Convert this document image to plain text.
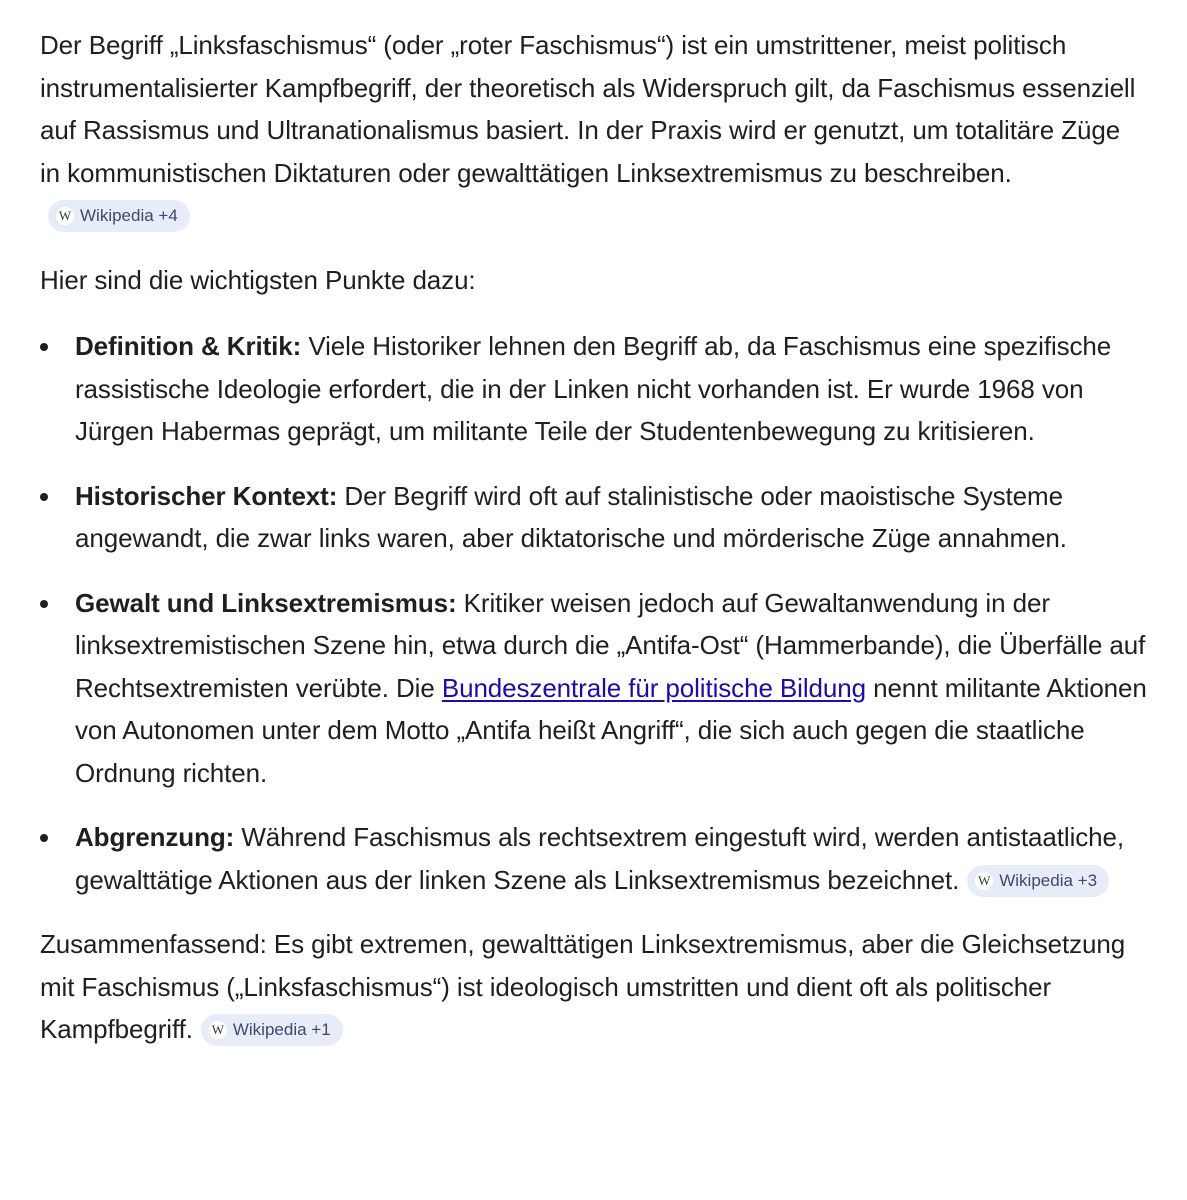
Der Begriff „Linksfaschismus“ (oder „roter Faschismus“) ist ein umstrittener, meist politisch instrumentalisierter Kampfbegriff, der theoretisch als Widerspruch gilt, da Faschismus essenziell auf Rassismus und Ultranationalismus basiert. In der Praxis wird er genutzt, um totalitäre Züge in kommunistischen Diktaturen oder gewalttätigen Linksextremismus zu beschreiben.
W Wikipedia +4

Hier sind die wichtigsten Punkte dazu:

Definition & Kritik: Viele Historiker lehnen den Begriff ab, da Faschismus eine spezifische rassistische Ideologie erfordert, die in der Linken nicht vorhanden ist. Er wurde 1968 von Jürgen Habermas geprägt, um militante Teile der Studentenbewegung zu kritisieren.
Historischer Kontext: Der Begriff wird oft auf stalinistische oder maoistische Systeme angewandt, die zwar links waren, aber diktatorische und mörderische Züge annahmen.
Gewalt und Linksextremismus: Kritiker weisen jedoch auf Gewaltanwendung in der linksextremistischen Szene hin, etwa durch die „Antifa-Ost“ (Hammerbande), die Überfälle auf Rechtsextremisten verübte. Die Bundeszentrale für politische Bildung nennt militante Aktionen von Autonomen unter dem Motto „Antifa heißt Angriff“, die sich auch gegen die staatliche Ordnung richten.
Abgrenzung: Während Faschismus als rechtsextrem eingestuft wird, werden antistaatliche, gewalttätige Aktionen aus der linken Szene als Linksextremismus bezeichnet. W Wikipedia +3

Zusammenfassend: Es gibt extremen, gewalttätigen Linksextremismus, aber die Gleichsetzung mit Faschismus („Linksfaschismus“) ist ideologisch umstritten und dient oft als politischer Kampfbegriff. W Wikipedia +1
